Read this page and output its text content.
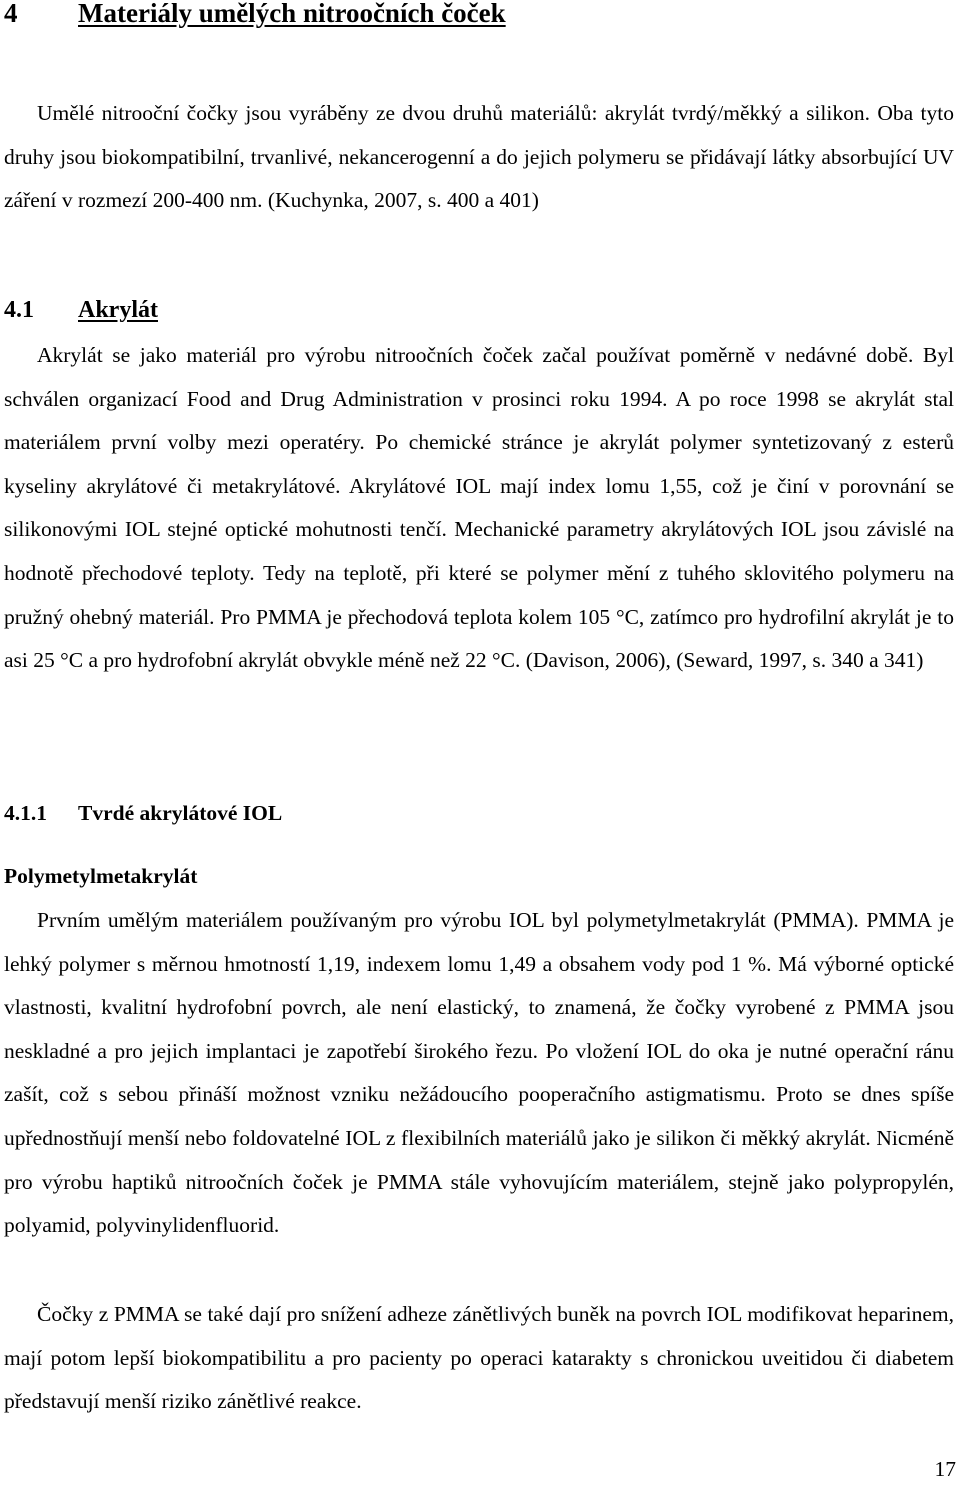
4 Materiály umělých nitroočních čoček

Umělé nitrooční čočky jsou vyráběny ze dvou druhů materiálů: akrylát tvrdý/měkký a silikon. Oba tyto druhy jsou biokompatibilní, trvanlivé, nekancerogenní a do jejich polymeru se přidávají látky absorbující UV záření v rozmezí 200-400 nm. (Kuchynka, 2007, s. 400 a 401)

4.1 Akrylát

Akrylát se jako materiál pro výrobu nitroočních čoček začal používat poměrně v nedávné době. Byl schválen organizací Food and Drug Administration v prosinci roku 1994. A po roce 1998 se akrylát stal materiálem první volby mezi operatéry. Po chemické stránce je akrylát polymer syntetizovaný z esterů kyseliny akrylátové či metakrylátové. Akrylátové IOL mají index lomu 1,55, což je činí v porovnání se silikonovými IOL stejné optické mohutnosti tenčí. Mechanické parametry akrylátových IOL jsou závislé na hodnotě přechodové teploty. Tedy na teplotě, při které se polymer mění z tuhého sklovitého polymeru na pružný ohebný materiál. Pro PMMA je přechodová teplota kolem 105 °C, zatímco pro hydrofilní akrylát je to asi 25 °C a pro hydrofobní akrylát obvykle méně než 22 °C. (Davison, 2006), (Seward, 1997, s. 340 a 341)

4.1.1 Tvrdé akrylátové IOL
Polymetylmetakrylát

Prvním umělým materiálem používaným pro výrobu IOL byl polymetylmetakrylát (PMMA). PMMA je lehký polymer s měrnou hmotností 1,19, indexem lomu 1,49 a obsahem vody pod 1 %. Má výborné optické vlastnosti, kvalitní hydrofobní povrch, ale není elastický, to znamená, že čočky vyrobené z PMMA jsou neskladné a pro jejich implantaci je zapotřebí širokého řezu. Po vložení IOL do oka je nutné operační ránu zašít, což s sebou přináší možnost vzniku nežádoucího pooperačního astigmatismu. Proto se dnes spíše upřednostňují menší nebo foldovatelné IOL z flexibilních materiálů jako je silikon či měkký akrylát. Nicméně pro výrobu haptiků nitroočních čoček je PMMA stále vyhovujícím materiálem, stejně jako polypropylén, polyamid, polyvinylidenfluorid.

Čočky z PMMA se také dají pro snížení adheze zánětlivých buněk na povrch IOL modifikovat heparinem, mají potom lepší biokompatibilitu a pro pacienty po operaci katarakty s chronickou uveitidou či diabetem představují menší riziko zánětlivé reakce.

17
